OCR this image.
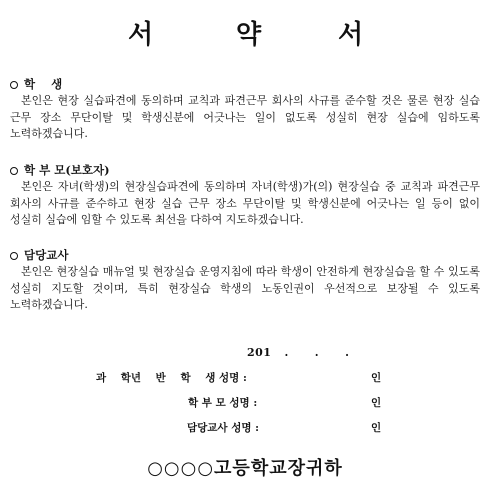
서	약	서
학    생
본인은 현장 실습파견에 동의하며 교칙과 파견근무 회사의 사규를 준수할 것은 물론 현장 실습 근무 장소 무단이탈 및 학생신분에 어긋나는 일이 없도록 성실히 현장 실습에 임하도록 노력하겠습니다.
학 부 모(보호자)
본인은 자녀(학생)의 현장실습파견에 동의하며 자녀(학생)가(의) 현장실습 중 교칙과 파견근무 회사의 사규를 준수하고 현장 실습 근무 장소 무단이탈 및 학생신분에 어긋나는 일 등이 없이 성실히 실습에 임할 수 있도록 최선을 다하여 지도하겠습니다.
담당교사
본인은 현장실습 매뉴얼 및 현장실습 운영지침에 따라 학생이 안전하게 현장실습을 할 수 있도록 성실히 지도할 것이며, 특히 현장실습 학생의 노동인권이 우선적으로 보장될 수 있도록 노력하겠습니다.
201   .      .      .
과    학년    반    학    생 성명 :	인
학 부 모 성명 :	인
담당교사 성명 :	인
○○○○고등학교장귀하
